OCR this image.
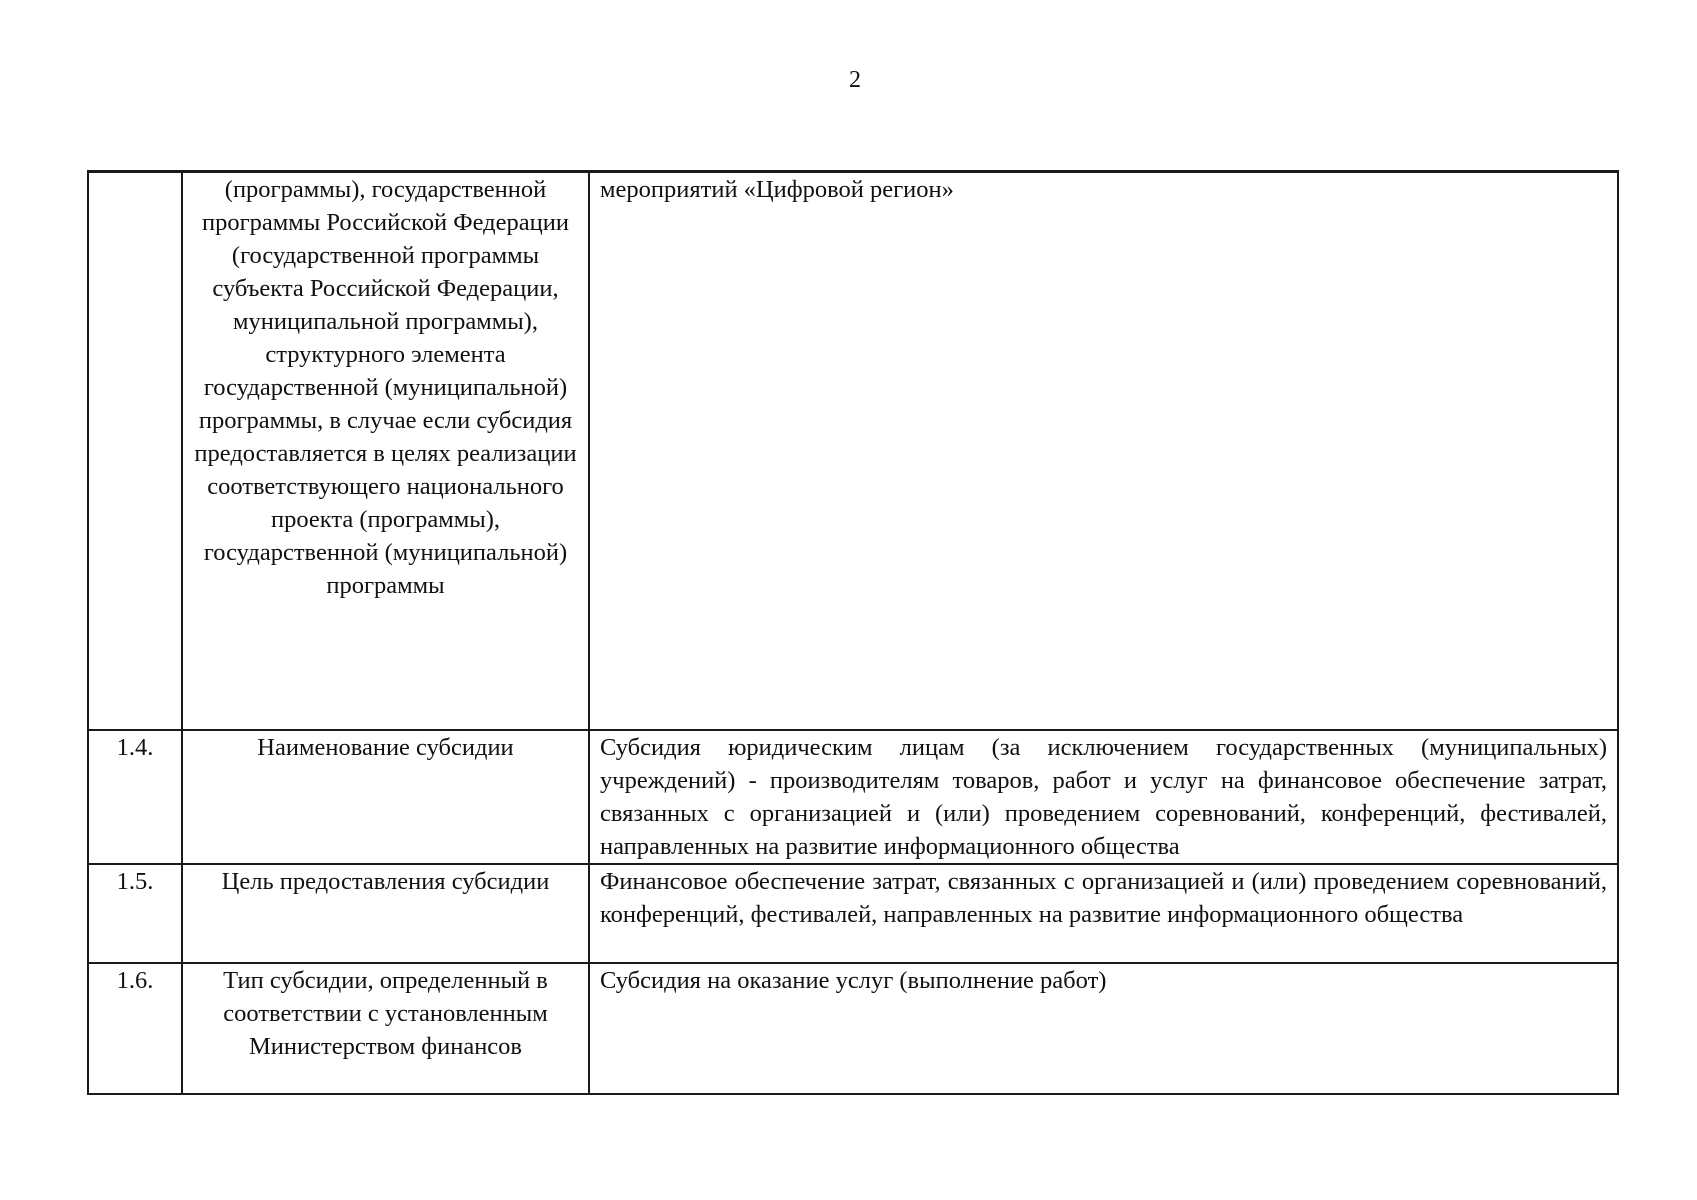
2
	(программы), государственной программы Российской Федерации (государственной программы субъекта Российской Федерации, муниципальной программы), структурного элемента государственной (муниципальной) программы, в случае если субсидия предоставляется в целях реализации соответствующего национального проекта (программы), государственной (муниципальной) программы	мероприятий «Цифровой регион»
1.4.	Наименование субсидии	Субсидия юридическим лицам (за исключением государственных (муниципальных) учреждений) - производителям товаров, работ и услуг на финансовое обеспечение затрат, связанных с организацией и (или) проведением соревнований, конференций, фестивалей, направленных на развитие информационного общества
1.5.	Цель предоставления субсидии	Финансовое обеспечение затрат, связанных с организацией и (или) проведением соревнований, конференций, фестивалей, направленных на развитие информационного общества
1.6.	Тип субсидии, определенный в соответствии с установленным Министерством финансов	Субсидия на оказание услуг (выполнение работ)
